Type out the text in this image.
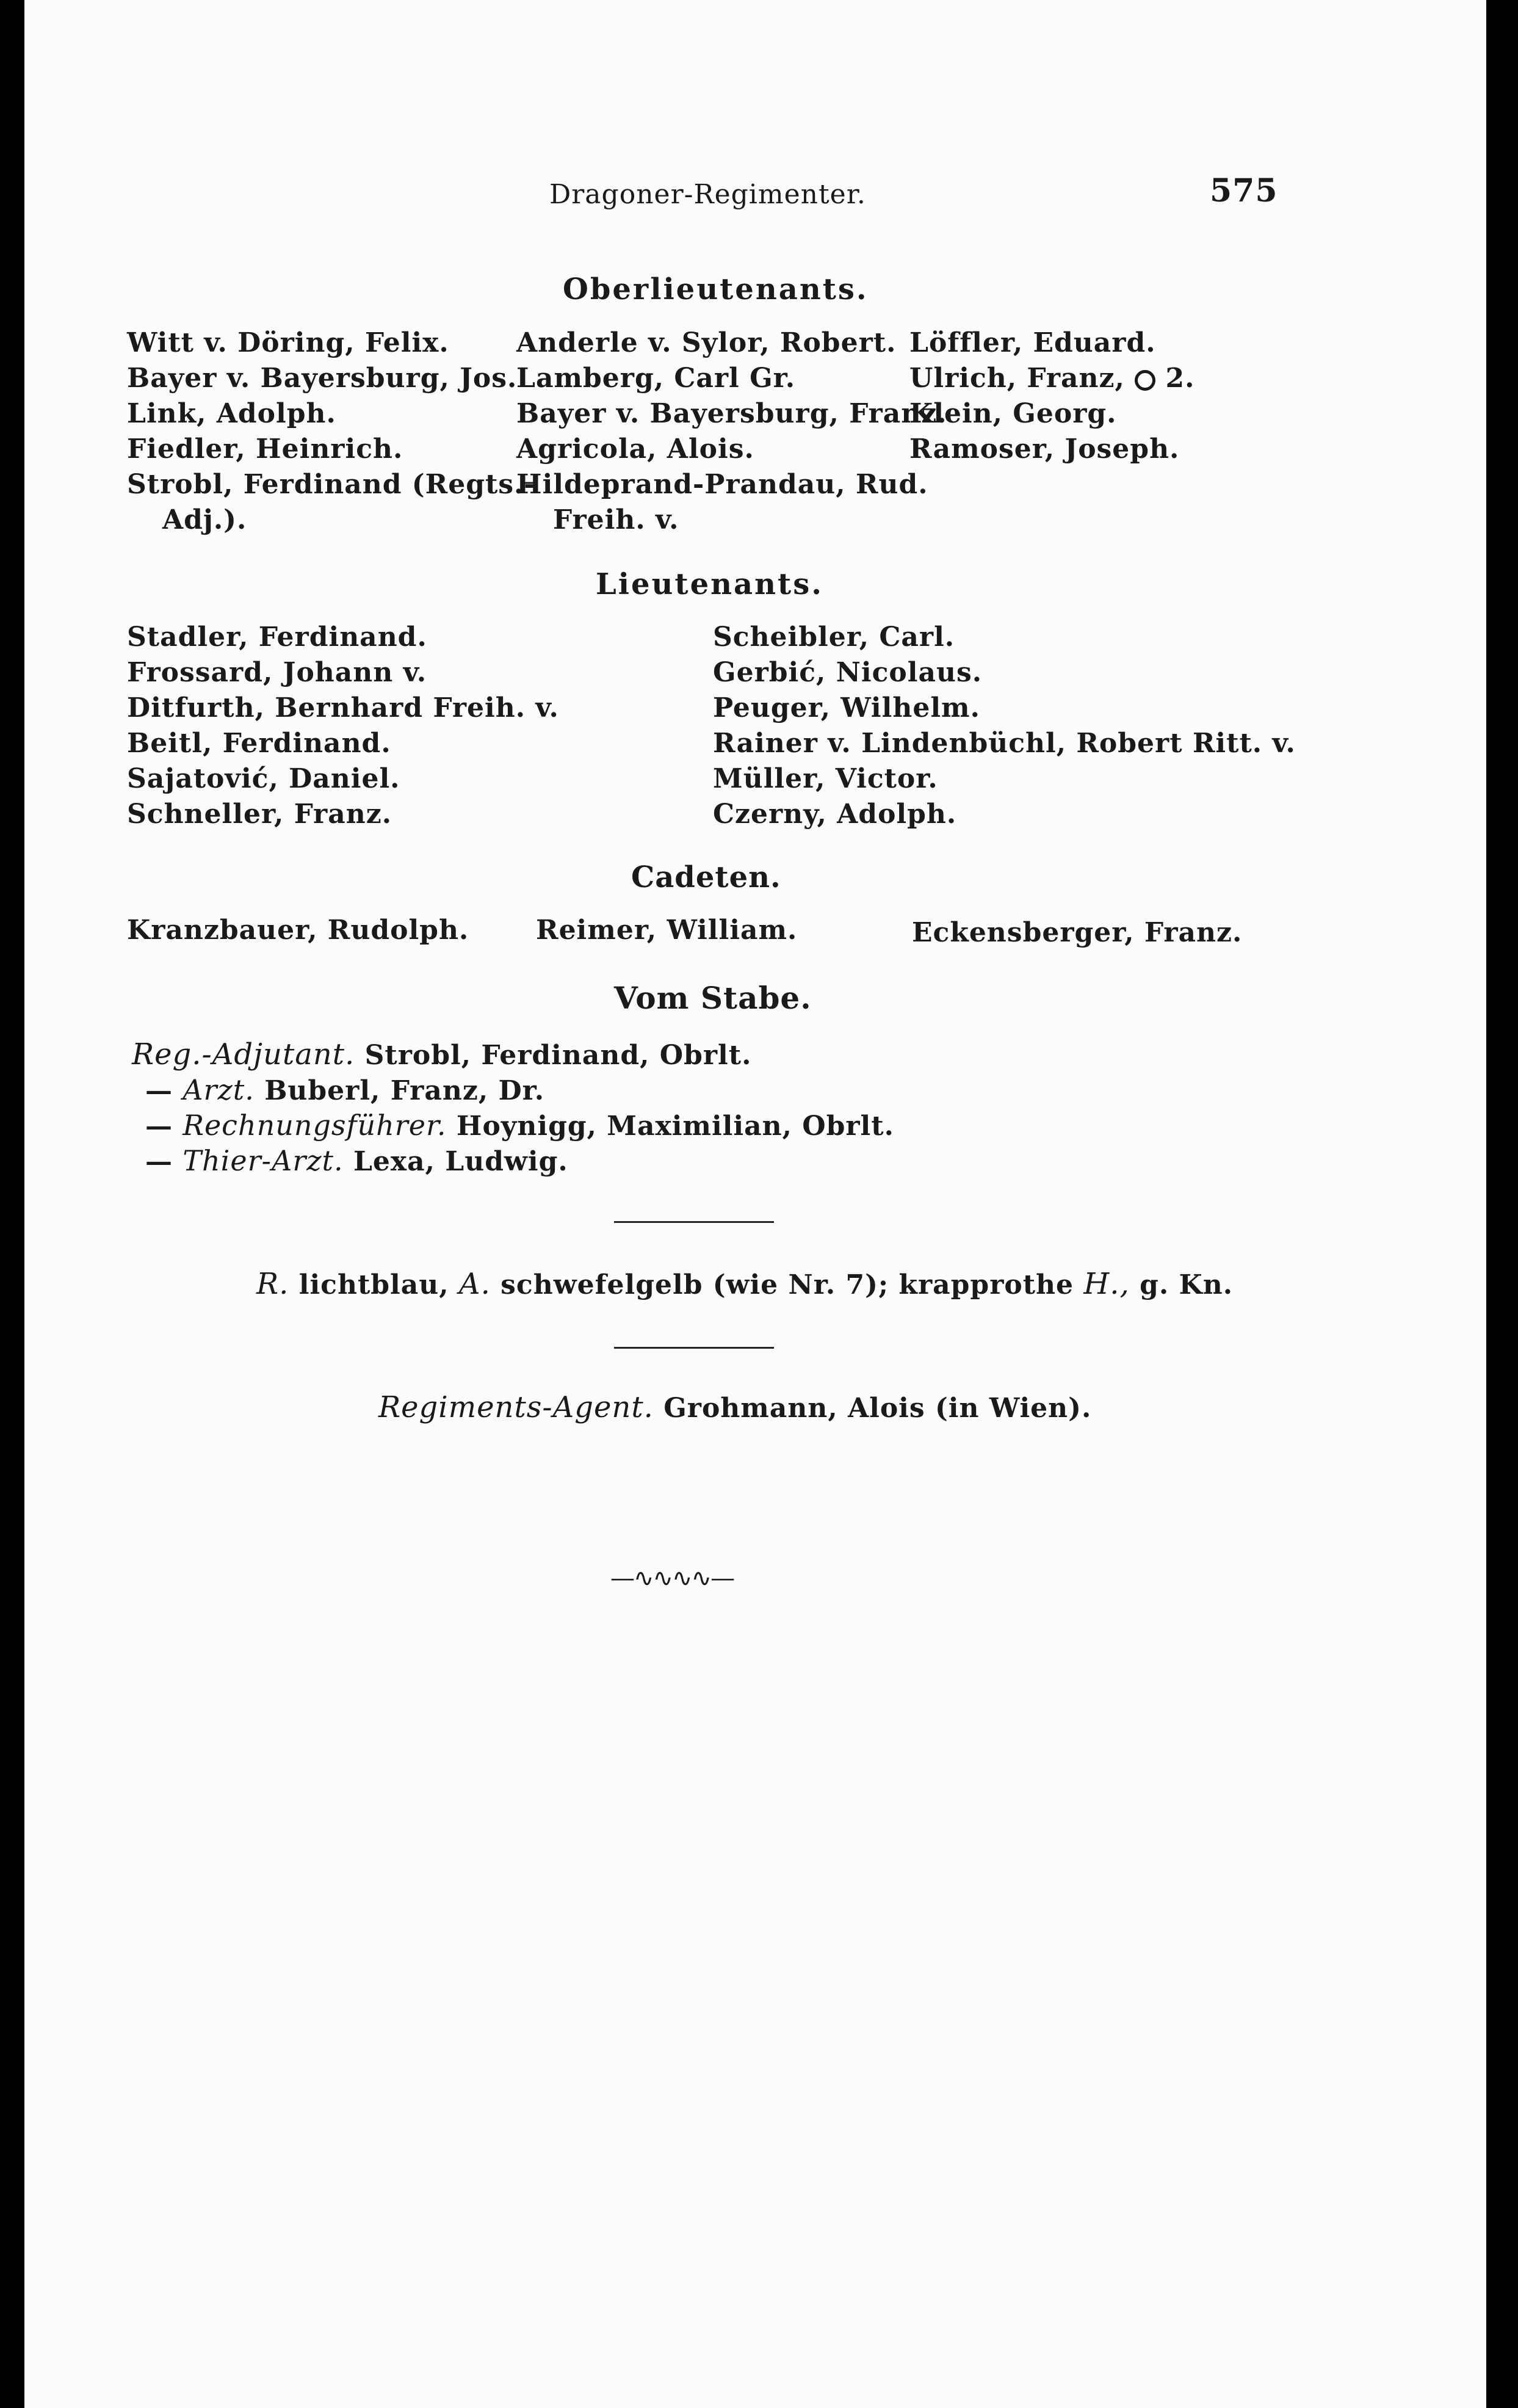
Dragoner-Regimenter.	575
Oberlieutenants.
Witt v. Döring, Felix.
Bayer v. Bayersburg, Jos.
Link, Adolph.
Fiedler, Heinrich.
Strobl, Ferdinand (Regts.-
Adj.).
Anderle v. Sylor, Robert.
Lamberg, Carl Gr.
Bayer v. Bayersburg, Franz.
Agricola, Alois.
Hildeprand-Prandau, Rud.
Freih. v.
Löffler, Eduard.
Ulrich, Franz, 2.
Klein, Georg.
Ramoser, Joseph.
Lieutenants.
Stadler, Ferdinand.
Frossard, Johann v.
Ditfurth, Bernhard Freih. v.
Beitl, Ferdinand.
Sajatović, Daniel.
Schneller, Franz.
Scheibler, Carl.
Gerbić, Nicolaus.
Peuger, Wilhelm.
Rainer v. Lindenbüchl, Robert Ritt. v.
Müller, Victor.
Czerny, Adolph.
Cadeten.
Kranzbauer, Rudolph. Reimer, William.	Eckensberger, Franz.
Vom Stabe.
Reg.-Adjutant. Strobl, Ferdinand, Obrlt.
— Arzt. Buberl, Franz, Dr.
— Rechnungsführer. Hoynigg, Maximilian, Obrlt.
— Thier-Arzt. Lexa, Ludwig.
R. lichtblau, A. schwefelgelb (wie Nr. 7); krapprothe H., g. Kn.
Regiments-Agent. Grohmann, Alois (in Wien).
—∿∿∿∿—
